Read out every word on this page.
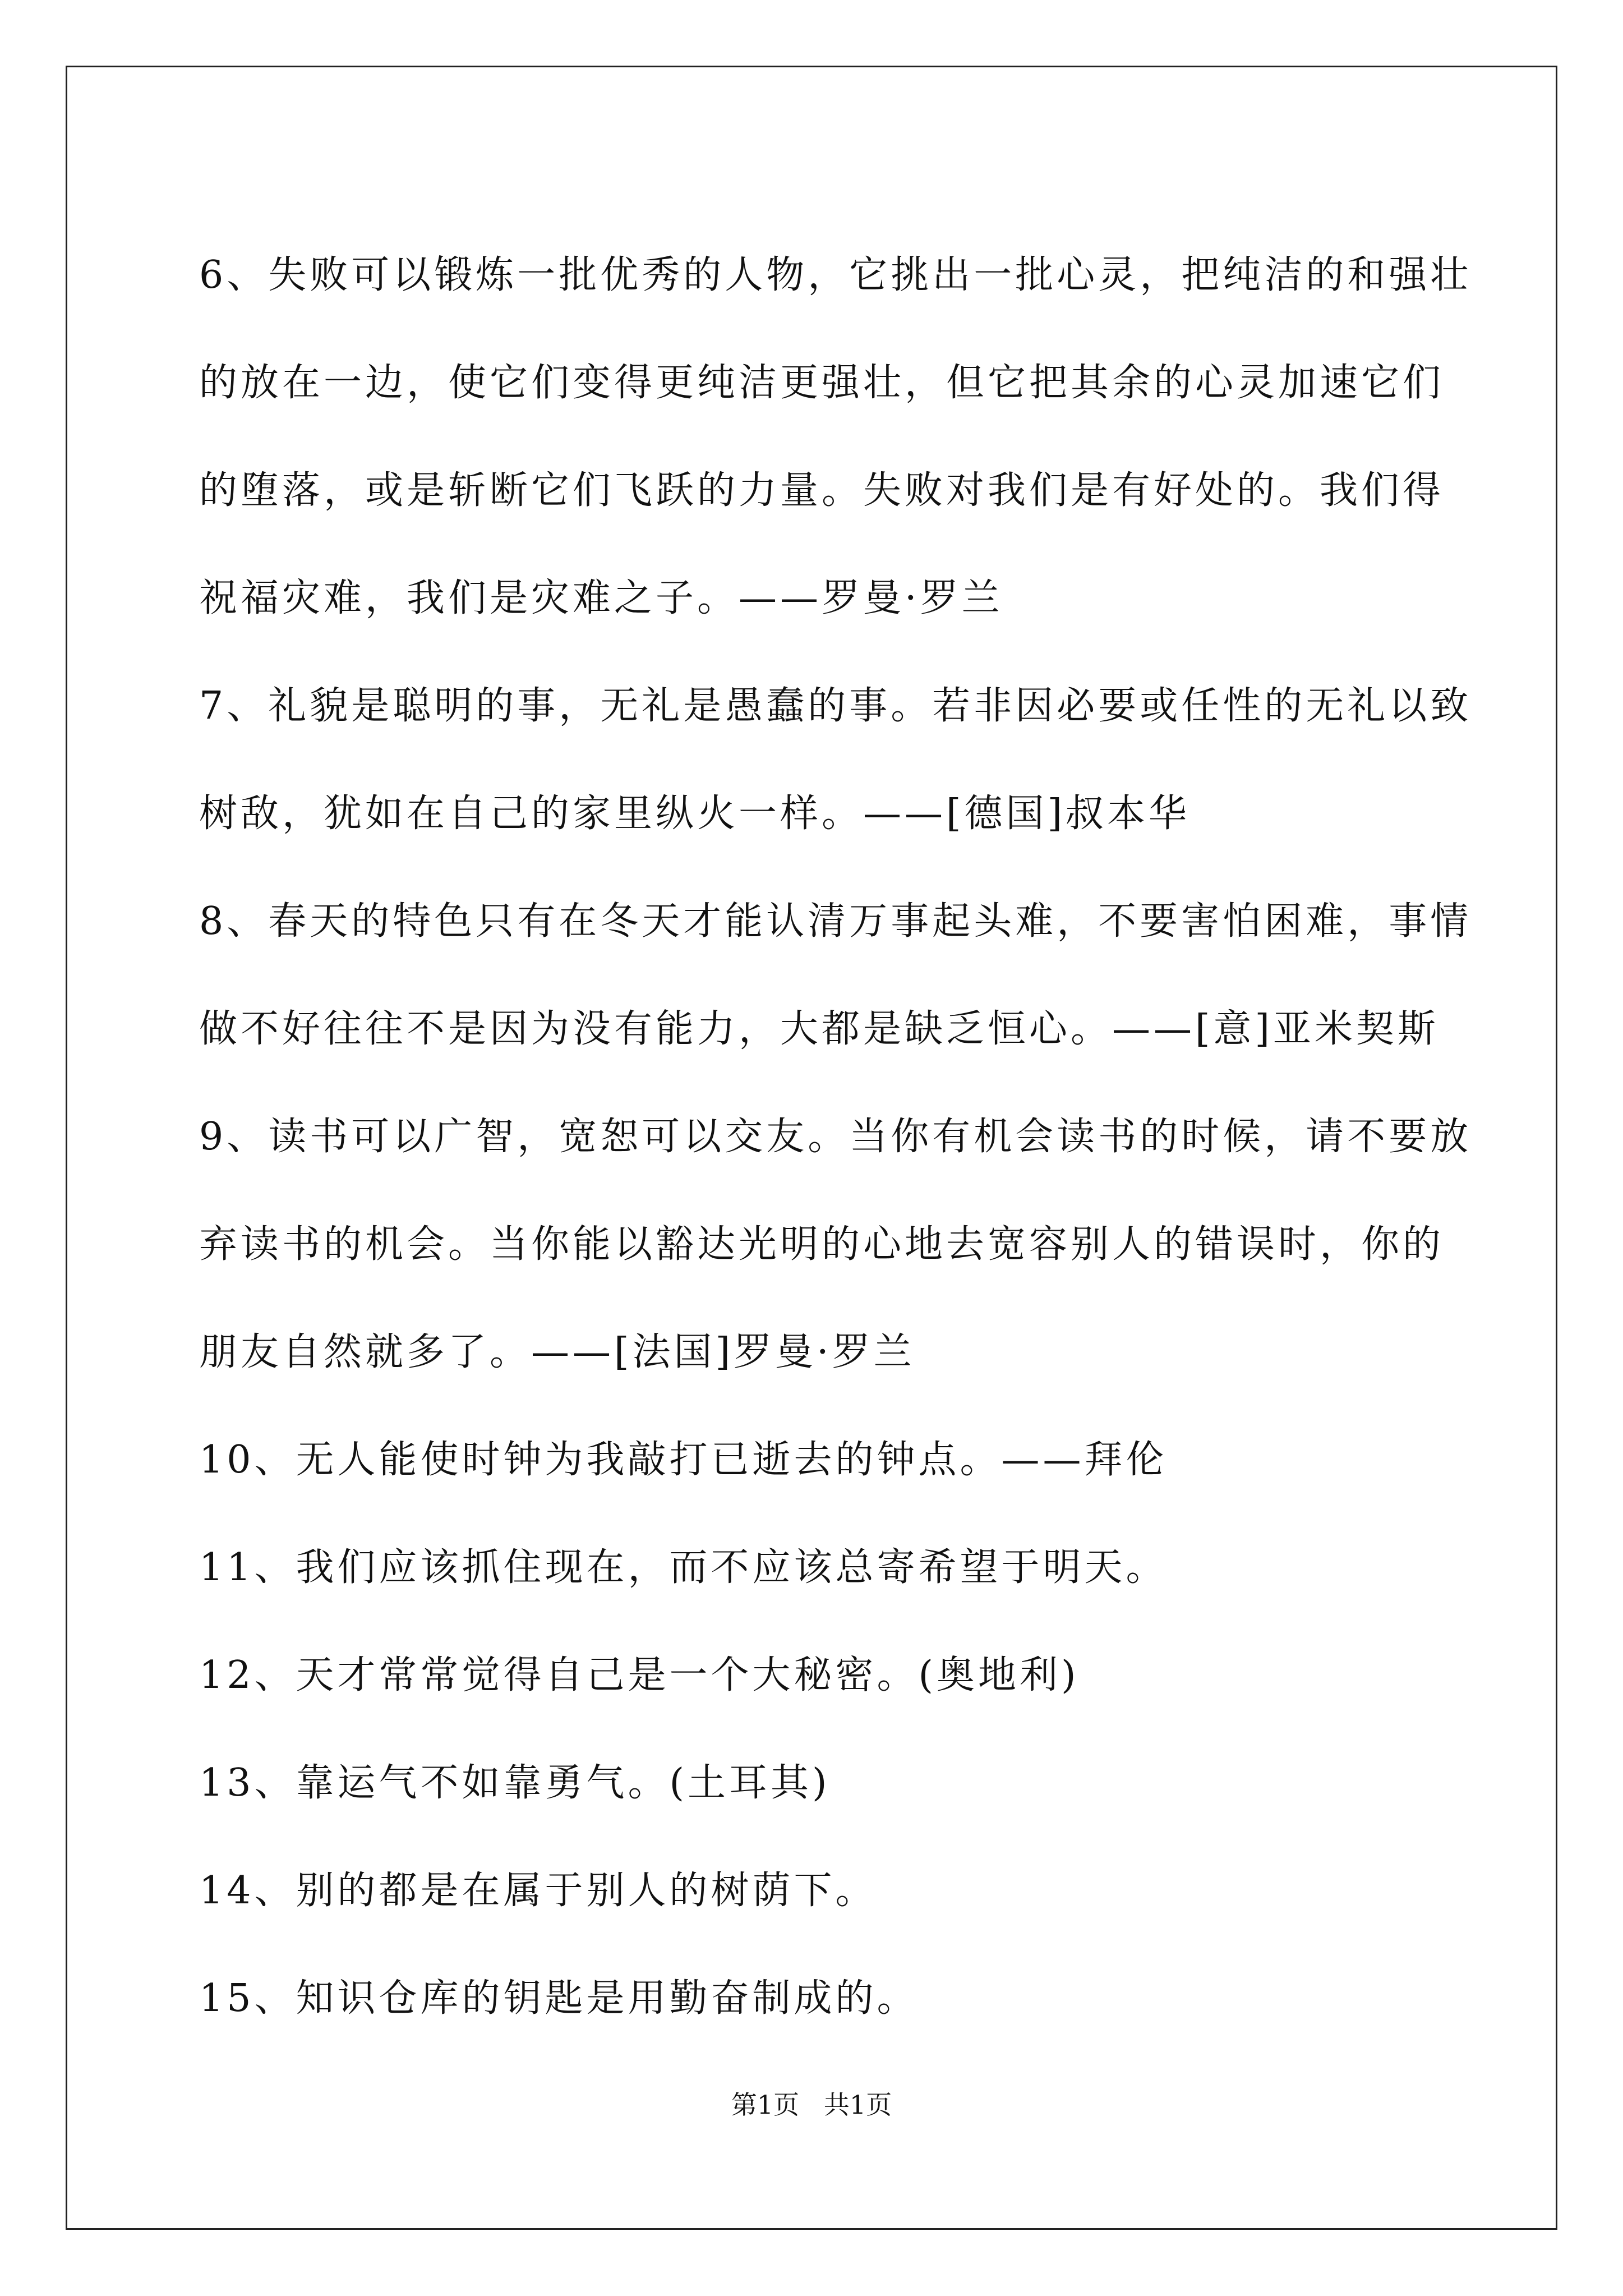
6、失败可以锻炼一批优秀的人物，它挑出一批心灵，把纯洁的和强壮
的放在一边，使它们变得更纯洁更强壮，但它把其余的心灵加速它们
的堕落，或是斩断它们飞跃的力量。失败对我们是有好处的。我们得
祝福灾难，我们是灾难之子。——罗曼·罗兰
7、礼貌是聪明的事，无礼是愚蠢的事。若非因必要或任性的无礼以致
树敌，犹如在自己的家里纵火一样。——[德国]叔本华
8、春天的特色只有在冬天才能认清万事起头难，不要害怕困难，事情
做不好往往不是因为没有能力，大都是缺乏恒心。——[意]亚米契斯
9、读书可以广智，宽恕可以交友。当你有机会读书的时候，请不要放
弃读书的机会。当你能以豁达光明的心地去宽容别人的错误时，你的
朋友自然就多了。——[法国]罗曼·罗兰
10、无人能使时钟为我敲打已逝去的钟点。——拜伦
11、我们应该抓住现在，而不应该总寄希望于明天。
12、天才常常觉得自己是一个大秘密。(奥地利)
13、靠运气不如靠勇气。(土耳其)
14、别的都是在属于别人的树荫下。
15、知识仓库的钥匙是用勤奋制成的。
第1页   共1页
